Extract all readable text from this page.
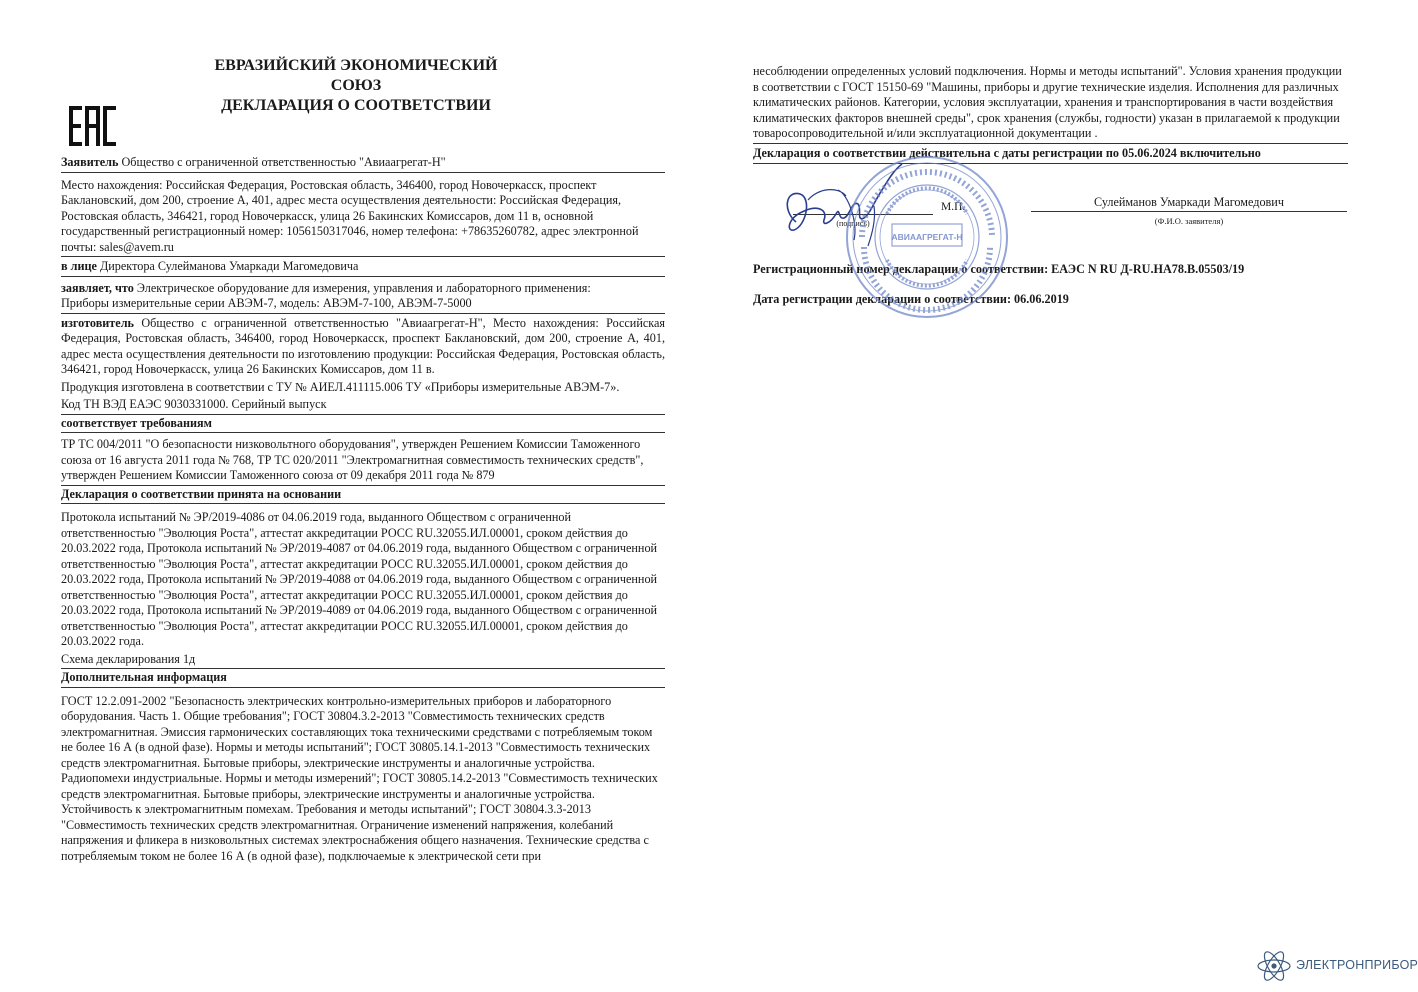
ЕВРАЗИЙСКИЙ ЭКОНОМИЧЕСКИЙ СОЮЗ
ДЕКЛАРАЦИЯ О СООТВЕТСТВИИ
Заявитель Общество с ограниченной ответственностью "Авиаагрегат-Н"
Место нахождения: Российская Федерация, Ростовская область, 346400, город Новочеркасск, проспект Баклановский, дом 200, строение А, 401, адрес места осуществления деятельности: Российская Федерация, Ростовская область, 346421, город Новочеркасск, улица 26 Бакинских Комиссаров, дом 11 в, основной государственный регистрационный номер: 1056150317046, номер телефона: +78635260782, адрес электронной почты: sales@avem.ru
в лице Директора Сулейманова Умаркади Магомедовича
заявляет, что Электрическое оборудование для измерения, управления и лабораторного применения:
Приборы измерительные серии АВЭМ-7, модель: АВЭМ-7-100, АВЭМ-7-5000
изготовитель Общество с ограниченной ответственностью "Авиаагрегат-Н", Место нахождения: Российская Федерация, Ростовская область, 346400, город Новочеркасск, проспект Баклановский, дом 200, строение А, 401, адрес места осуществления деятельности по изготовлению продукции: Российская Федерация, Ростовская область, 346421, город Новочеркасск, улица 26 Бакинских Комиссаров, дом 11 в.
Продукция изготовлена в соответствии с ТУ № АИЕЛ.411115.006 ТУ «Приборы измерительные АВЭМ-7».
Код ТН ВЭД ЕАЭС 9030331000. Серийный выпуск
соответствует требованиям
ТР ТС 004/2011 "О безопасности низковольтного оборудования", утвержден Решением Комиссии Таможенного союза от 16 августа 2011 года № 768, ТР ТС 020/2011 "Электромагнитная совместимость технических средств", утвержден Решением Комиссии Таможенного союза от 09 декабря 2011 года № 879
Декларация о соответствии принята на основании
Протокола испытаний № ЭР/2019-4086 от 04.06.2019 года, выданного Обществом с ограниченной ответственностью "Эволюция Роста", аттестат аккредитации РОСС RU.32055.ИЛ.00001, сроком действия до 20.03.2022 года, Протокола испытаний № ЭР/2019-4087 от 04.06.2019 года, выданного Обществом с ограниченной ответственностью "Эволюция Роста", аттестат аккредитации РОСС RU.32055.ИЛ.00001, сроком действия до 20.03.2022 года, Протокола испытаний № ЭР/2019-4088 от 04.06.2019 года, выданного Обществом с ограниченной ответственностью "Эволюция Роста", аттестат аккредитации РОСС RU.32055.ИЛ.00001, сроком действия до 20.03.2022 года, Протокола испытаний № ЭР/2019-4089 от 04.06.2019 года, выданного Обществом с ограниченной ответственностью "Эволюция Роста", аттестат аккредитации РОСС RU.32055.ИЛ.00001, сроком действия до 20.03.2022 года.
Схема декларирования 1д
Дополнительная информация
ГОСТ 12.2.091-2002 "Безопасность электрических контрольно-измерительных приборов и лабораторного оборудования. Часть 1. Общие требования"; ГОСТ 30804.3.2-2013 "Совместимость технических средств электромагнитная. Эмиссия гармонических составляющих тока техническими средствами с потребляемым током не более 16 А (в одной фазе). Нормы и методы испытаний"; ГОСТ 30805.14.1-2013 "Совместимость технических средств электромагнитная. Бытовые приборы, электрические инструменты и аналогичные устройства. Радиопомехи индустриальные. Нормы и методы измерений"; ГОСТ 30805.14.2-2013 "Совместимость технических средств электромагнитная. Бытовые приборы, электрические инструменты и аналогичные устройства. Устойчивость к электромагнитным помехам. Требования и методы испытаний"; ГОСТ 30804.3.3-2013 "Совместимость технических средств электромагнитная. Ограничение изменений напряжения, колебаний напряжения и фликера в низковольтных системах электроснабжения общего назначения. Технические средства с потребляемым током не более 16 А (в одной фазе), подключаемые к электрической сети при
несоблюдении определенных условий подключения. Нормы и методы испытаний". Условия хранения продукции в соответствии с ГОСТ 15150-69 "Машины, приборы и другие технические изделия. Исполнения для различных климатических районов. Категории, условия эксплуатации, хранения и транспортирования в части воздействия климатических факторов внешней среды", срок хранения (службы, годности) указан в прилагаемой к продукции товаросопроводительной и/или эксплуатационной документации .
Декларация о соответствии действительна с даты регистрации по 05.06.2024 включительно
(подпись)
М.П.	Сулейманов Умаркади Магомедович
(Ф.И.О. заявителя)
Регистрационный номер декларации о соответствии: ЕАЭС N RU Д-RU.НА78.В.05503/19
Дата регистрации декларации о соответствии: 06.06.2019
АВИААГРЕГАТ-Н
ЭЛЕКТРОНПРИБОР
